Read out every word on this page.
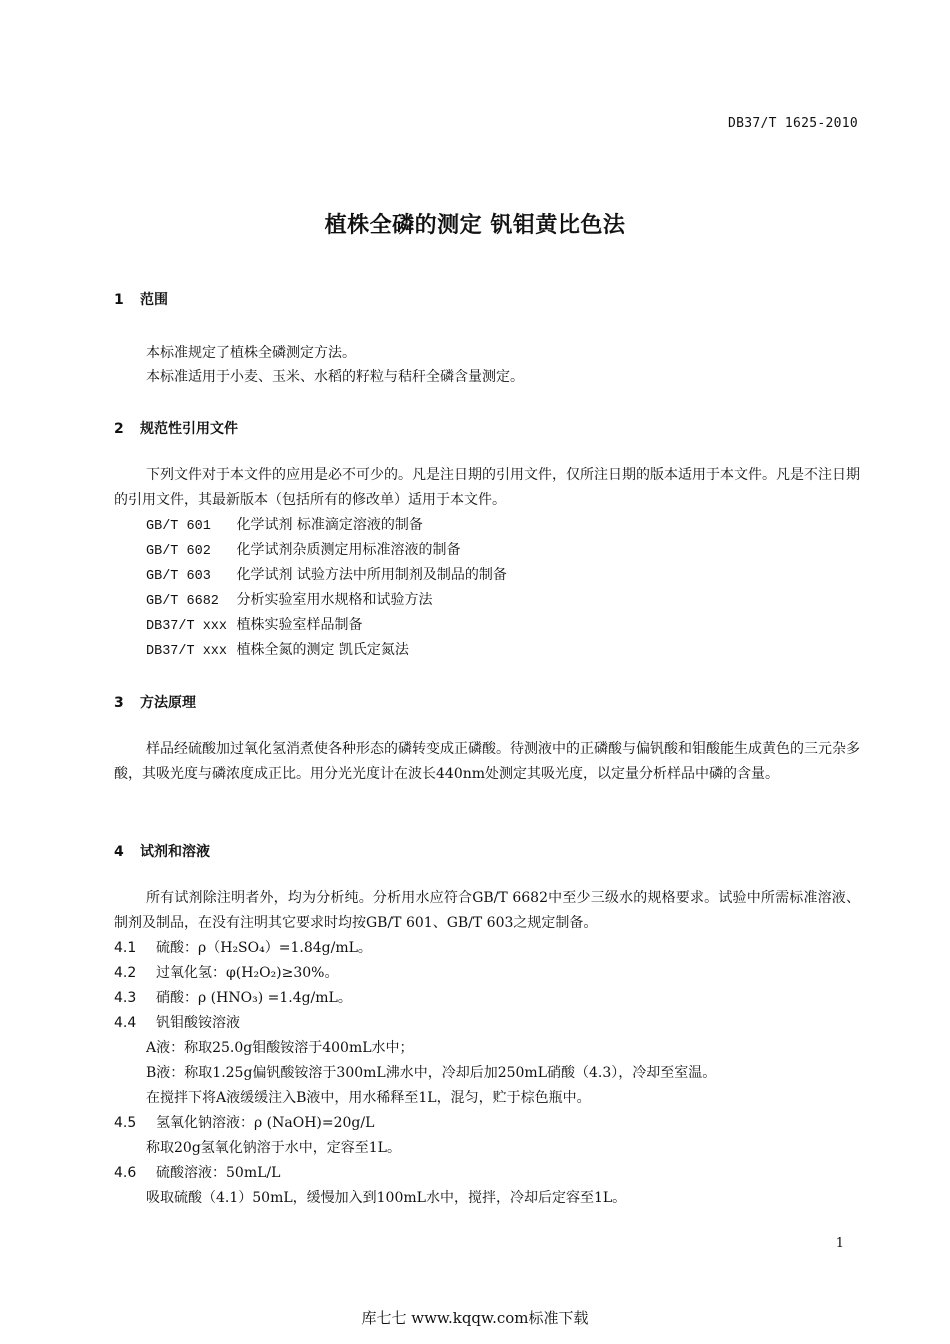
DB37/T 1625-2010
植株全磷的测定 钒钼黄比色法
1 范围
本标准规定了植株全磷测定方法。
本标准适用于小麦、玉米、水稻的籽粒与秸秆全磷含量测定。
2 规范性引用文件
下列文件对于本文件的应用是必不可少的。凡是注日期的引用文件，仅所注日期的版本适用于本文件。凡是不注日期的引用文件，其最新版本（包括所有的修改单）适用于本文件。
GB/T 601 化学试剂 标准滴定溶液的制备
GB/T 602 化学试剂杂质测定用标准溶液的制备
GB/T 603 化学试剂 试验方法中所用制剂及制品的制备
GB/T 6682 分析实验室用水规格和试验方法
DB37/T xxx 植株实验室样品制备
DB37/T xxx 植株全氮的测定 凯氏定氮法
3 方法原理
样品经硫酸加过氧化氢消煮使各种形态的磷转变成正磷酸。待测液中的正磷酸与偏钒酸和钼酸能生成黄色的三元杂多酸，其吸光度与磷浓度成正比。用分光光度计在波长440nm处测定其吸光度，以定量分析样品中磷的含量。
4 试剂和溶液
所有试剂除注明者外，均为分析纯。分析用水应符合GB/T 6682中至少三级水的规格要求。试验中所需标准溶液、制剂及制品，在没有注明其它要求时均按GB/T 601、GB/T 603之规定制备。
4.1 硫酸：ρ（H₂SO₄）=1.84g/mL。
4.2 过氧化氢：φ(H₂O₂)≥30%。
4.3 硝酸：ρ (HNO₃) =1.4g/mL。
4.4 钒钼酸铵溶液
A液：称取25.0g钼酸铵溶于400mL水中；
B液：称取1.25g偏钒酸铵溶于300mL沸水中，冷却后加250mL硝酸（4.3），冷却至室温。
在搅拌下将A液缓缓注入B液中，用水稀释至1L，混匀，贮于棕色瓶中。
4.5 氢氧化钠溶液：ρ (NaOH)=20g/L
称取20g氢氧化钠溶于水中，定容至1L。
4.6 硫酸溶液：50mL/L
吸取硫酸（4.1）50mL，缓慢加入到100mL水中，搅拌，冷却后定容至1L。
1
库七七 www.kqqw.com标准下载
